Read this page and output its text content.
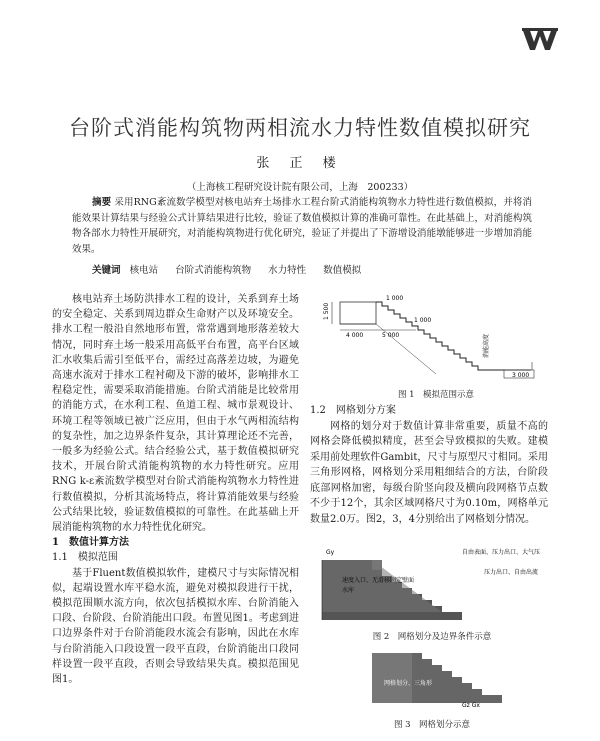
台阶式消能构筑物两相流水力特性数值模拟研究
张 正 楼
（上海核工程研究设计院有限公司，上海　200233）
摘要 采用RNG紊流数学模型对核电站弃土场排水工程台阶式消能构筑物水力特性进行数值模拟，并将消能效果计算结果与经验公式计算结果进行比较，验证了数值模拟计算的准确可靠性。在此基础上，对消能构筑物各部水力特性开展研究，对消能构筑物进行优化研究，验证了并提出了下游增设消能墩能够进一步增加消能效果。
关键词 核电站 台阶式消能构筑物 水力特性 数值模拟

核电站弃土场防洪排水工程的设计，关系到弃土场的安全稳定、关系到周边群众生命财产以及环境安全。排水工程一般沿自然地形布置，常常遇到地形落差较大情况，同时弃土场一般采用高低平台布置，高平台区域汇水收集后需引至低平台，需经过高落差边坡，为避免高速水流对于排水工程衬砌及下游的破坏，影响排水工程稳定性，需要采取消能措施。台阶式消能是比较常用的消能方式，在水利工程、鱼道工程、城市景观设计、环境工程等领域已被广泛应用，但由于水气两相流结构的复杂性，加之边界条件复杂，其计算理论还不完善，一般多为经验公式。结合经验公式，基于数值模拟研究技术，开展台阶式消能构筑物的水力特性研究。应用RNG k-ε紊流数学模型对台阶式消能构筑物水力特性进行数值模拟，分析其流场特点，将计算消能效果与经验公式结果比较，验证数值模拟的可靠性。在此基础上开展消能构筑物的水力特性优化研究。

1　数值计算方法

1.1　模拟范围

基于Fluent数值模拟软件，建模尺寸与实际情况相似，起端设置水库平稳水流，避免对模拟段进行干扰，模拟范围顺水流方向，依次包括模拟水库、台阶消能入口段、台阶段、台阶消能出口段。布置见图1。考虑到进口边界条件对于台阶消能段水流会有影响，因此在水库与台阶消能入口段设置一段平直段，台阶消能出口段同样设置一段平直段，否则会导致结果失真。模拟范围见图1。

1 000
1 500
4 000	5 000
1 000
3 000
消能高度
图 1　模拟范围示意

1.2　网格划分方案

网格的划分对于数值计算非常重要，质量不高的网格会降低模拟精度，甚至会导致模拟的失败。建模采用前处理软件Gambit，尺寸与原型尺寸相同。采用三角形网格，网格划分采用粗细结合的方法，台阶段底部网格加密，每级台阶竖向段及横向段网格节点数不少于12个，其余区域网格尺寸为0.10m，网格单元数量2.0万。图2，3，4分别给出了网格划分情况。

Gy	自由表面、压力出口、大气压
压力出口、自由出流
速度入口、无滑移固定壁面
水库
图 2　网格划分及边界条件示意
网格划分、三角形
Gz Gx
图 3　网格划分示意
